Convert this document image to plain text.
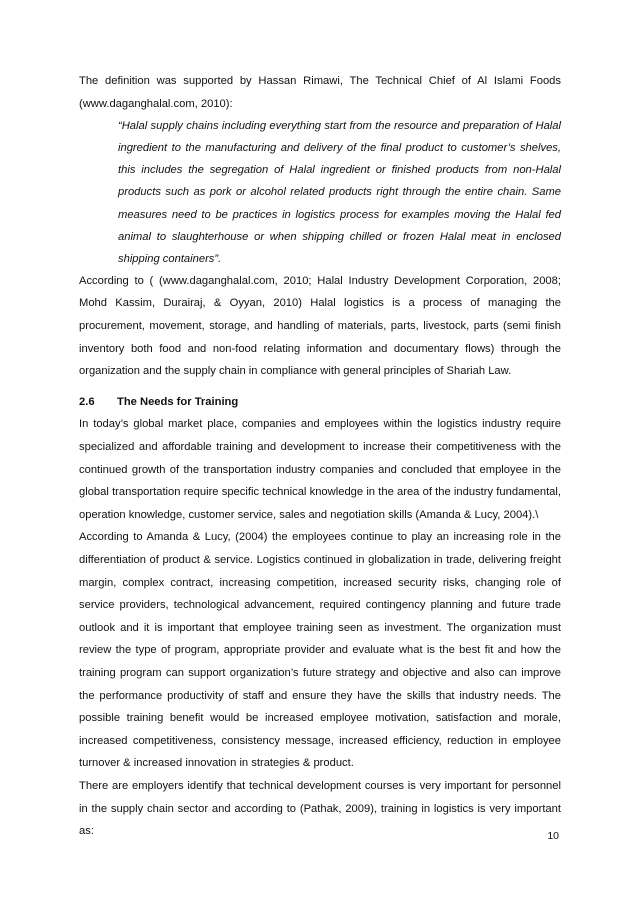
The definition was supported by Hassan Rimawi, The Technical Chief of Al Islami Foods (www.daganghalal.com, 2010):

“Halal supply chains including everything start from the resource and preparation of Halal ingredient to the manufacturing and delivery of the final product to customer’s shelves, this includes the segregation of Halal ingredient or finished products from non-Halal products such as pork or alcohol related products right through the entire chain. Same measures need to be practices in logistics process for examples moving the Halal fed animal to slaughterhouse or when shipping chilled or frozen Halal meat in enclosed shipping containers”.

According to ( (www.daganghalal.com, 2010; Halal Industry Development Corporation, 2008; Mohd Kassim, Durairaj, & Oyyan, 2010) Halal logistics is a process of managing the procurement, movement, storage, and handling of materials, parts, livestock, parts (semi finish inventory both food and non-food relating information and documentary flows) through the organization and the supply chain in compliance with general principles of Shariah Law.

2.6 The Needs for Training

In today’s global market place, companies and employees within the logistics industry require specialized and affordable training and development to increase their competitiveness with the continued growth of the transportation industry companies and concluded that employee in the global transportation require specific technical knowledge in the area of the industry fundamental, operation knowledge, customer service, sales and negotiation skills (Amanda & Lucy, 2004).\

According to Amanda & Lucy, (2004) the employees continue to play an increasing role in the differentiation of product & service. Logistics continued in globalization in trade, delivering freight margin, complex contract, increasing competition, increased security risks, changing role of service providers, technological advancement, required contingency planning and future trade outlook and it is important that employee training seen as investment. The organization must review the type of program, appropriate provider and evaluate what is the best fit and how the training program can support organization’s future strategy and objective and also can improve the performance productivity of staff and ensure they have the skills that industry needs. The possible training benefit would be increased employee motivation, satisfaction and morale, increased competitiveness, consistency message, increased efficiency, reduction in employee turnover & increased innovation in strategies & product.

There are employers identify that technical development courses is very important for personnel in the supply chain sector and according to (Pathak, 2009), training in logistics is very important as:	10
